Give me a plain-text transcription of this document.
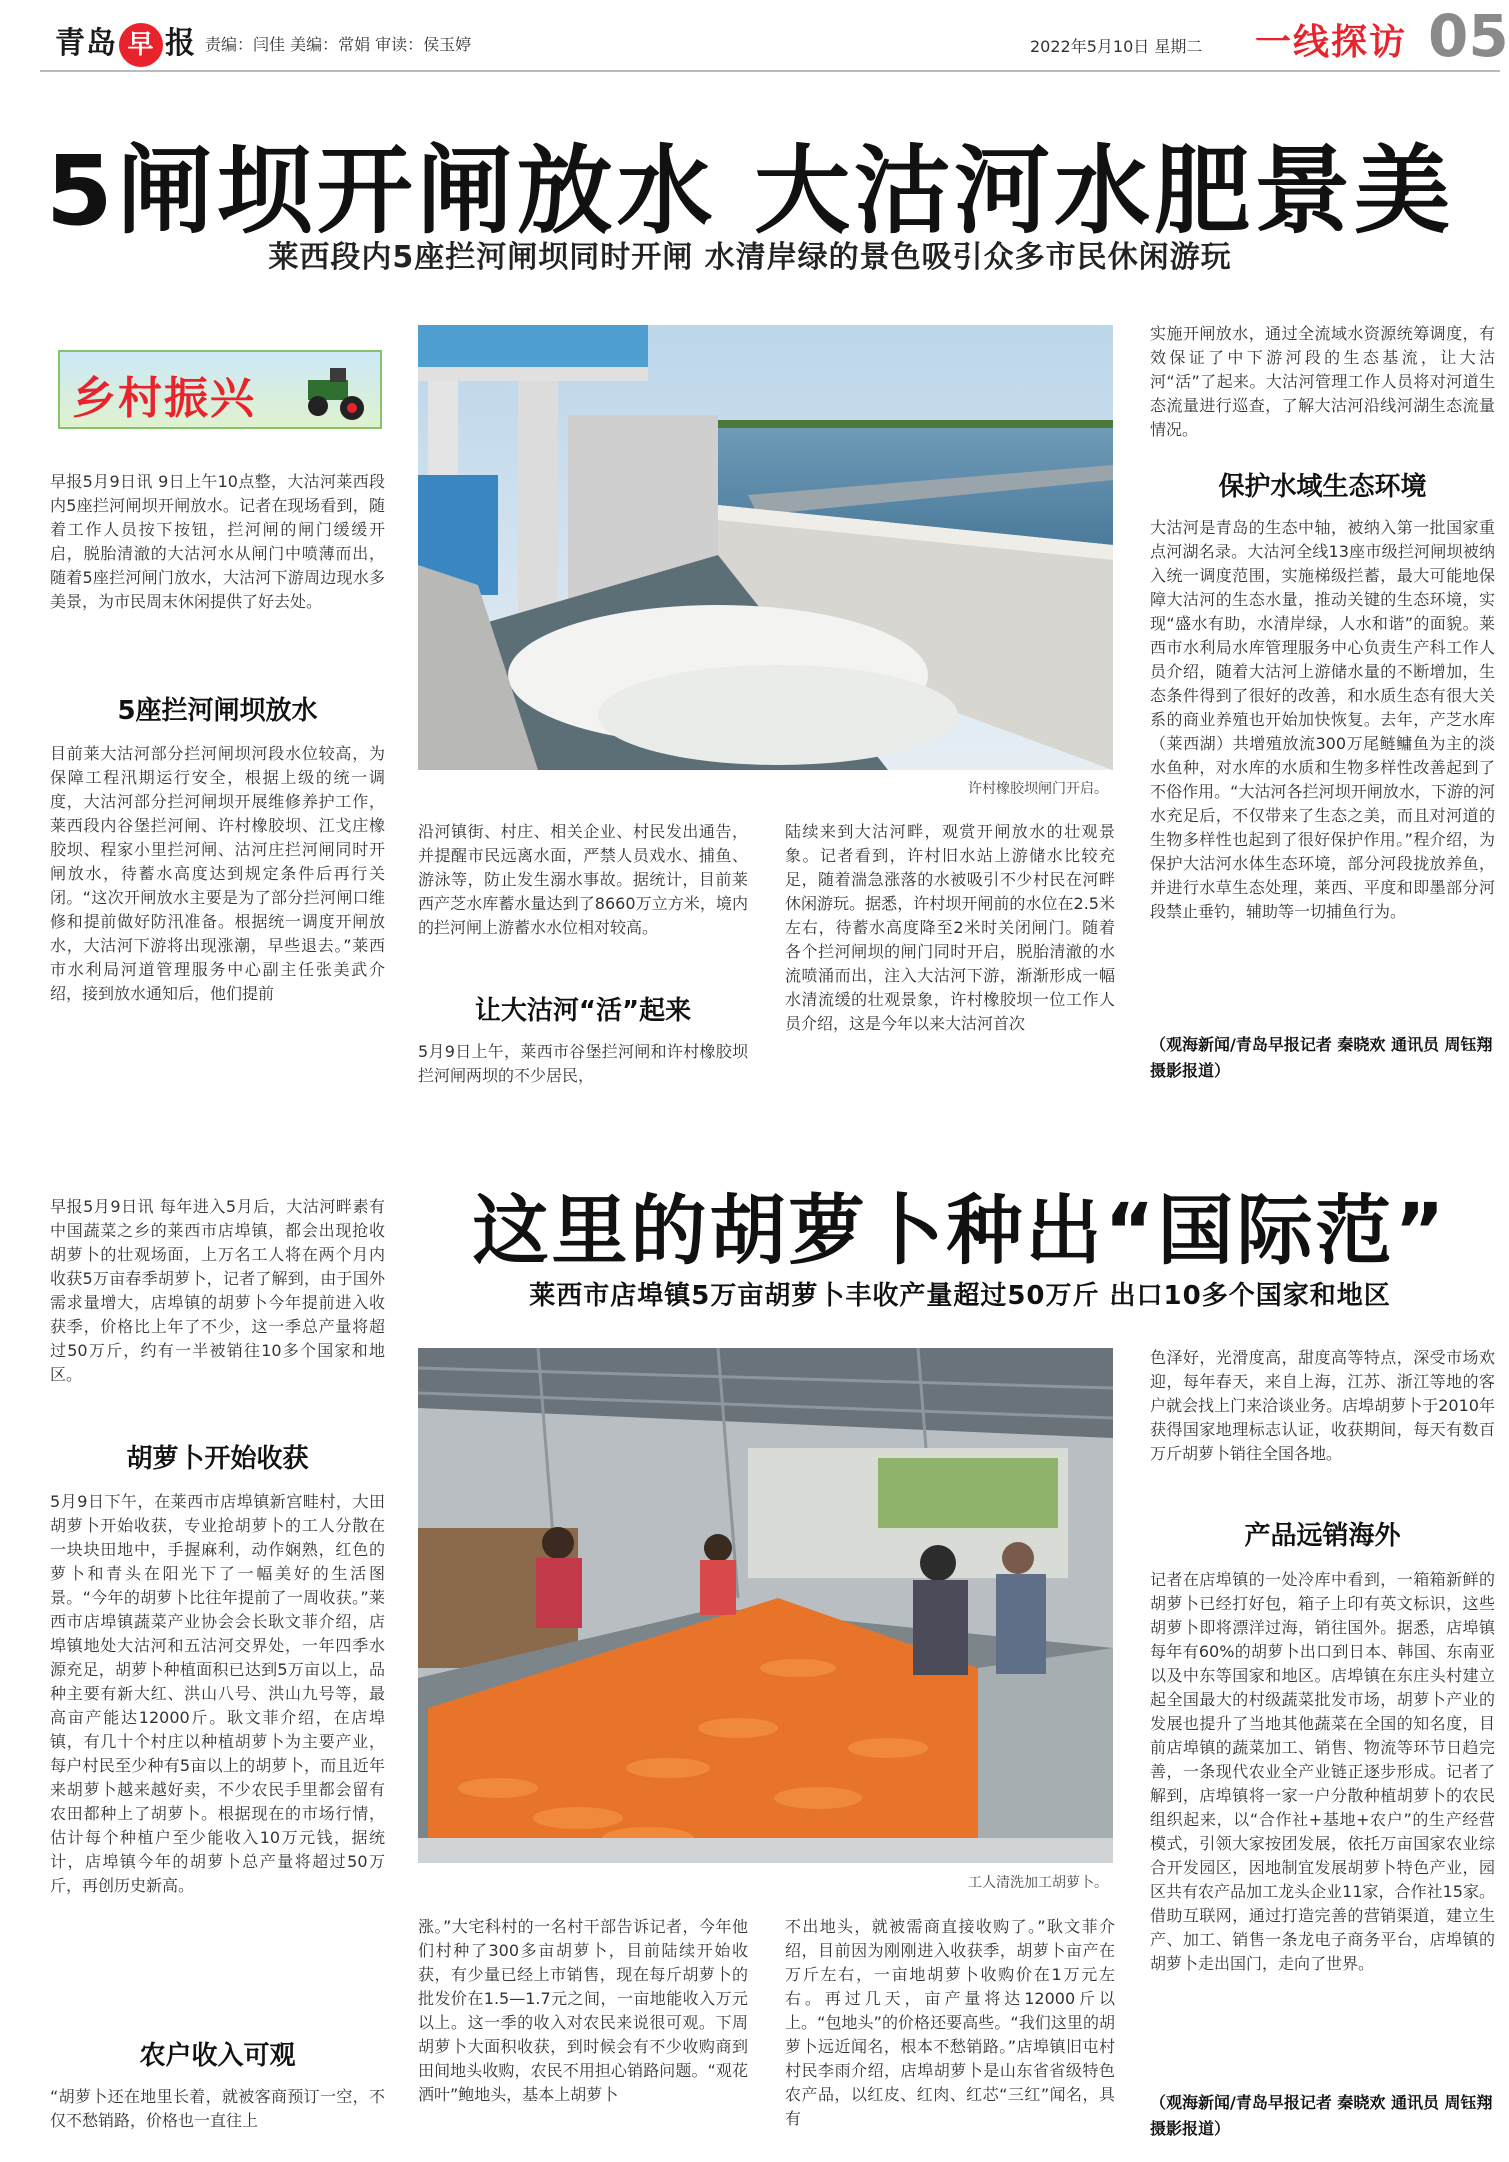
青岛 早 报 责编：闫佳 美编：常娟 审读：侯玉婷	2022年5月10日 星期二 一线探访 05
5闸坝开闸放水 大沽河水肥景美
莱西段内5座拦河闸坝同时开闸 水清岸绿的景色吸引众多市民休闲游玩
乡村振兴
早报5月9日讯 9日上午10点整，大沽河莱西段内5座拦河闸坝开闸放水。记者在现场看到，随着工作人员按下按钮，拦河闸的闸门缓缓开启，脱胎清澈的大沽河水从闸门中喷薄而出，随着5座拦河闸门放水，大沽河下游周边现水多美景，为市民周末休闲提供了好去处。
5座拦河闸坝放水
目前莱大沽河部分拦河闸坝河段水位较高，为保障工程汛期运行安全，根据上级的统一调度，大沽河部分拦河闸坝开展维修养护工作，莱西段内谷堡拦河闸、许村橡胶坝、江戈庄橡胶坝、程家小里拦河闸、沽河庄拦河闸同时开闸放水，待蓄水高度达到规定条件后再行关闭。“这次开闸放水主要是为了部分拦河闸口维修和提前做好防汛准备。根据统一调度开闸放水，大沽河下游将出现涨潮，早些退去。”莱西市水利局河道管理服务中心副主任张美武介绍，接到放水通知后，他们提前
许村橡胶坝闸门开启。
沿河镇街、村庄、相关企业、村民发出通告，并提醒市民远离水面，严禁人员戏水、捕鱼、游泳等，防止发生溺水事故。据统计，目前莱西产芝水库蓄水量达到了8660万立方米，境内的拦河闸上游蓄水水位相对较高。
让大沽河“活”起来
5月9日上午，莱西市谷堡拦河闸和许村橡胶坝拦河闸两坝的不少居民，
陆续来到大沽河畔，观赏开闸放水的壮观景象。记者看到，许村旧水站上游储水比较充足，随着湍急涨落的水被吸引不少村民在河畔休闲游玩。据悉，许村坝开闸前的水位在2.5米左右，待蓄水高度降至2米时关闭闸门。随着各个拦河闸坝的闸门同时开启，脱胎清澈的水流喷涌而出，注入大沽河下游，渐渐形成一幅水清流缓的壮观景象，许村橡胶坝一位工作人员介绍，这是今年以来大沽河首次
实施开闸放水，通过全流域水资源统筹调度，有效保证了中下游河段的生态基流，让大沽河“活”了起来。大沽河管理工作人员将对河道生态流量进行巡查，了解大沽河沿线河湖生态流量情况。
保护水域生态环境
大沽河是青岛的生态中轴，被纳入第一批国家重点河湖名录。大沽河全线13座市级拦河闸坝被纳入统一调度范围，实施梯级拦蓄，最大可能地保障大沽河的生态水量，推动关键的生态环境，实现“盛水有助，水清岸绿，人水和谐”的面貌。莱西市水利局水库管理服务中心负责生产科工作人员介绍，随着大沽河上游储水量的不断增加，生态条件得到了很好的改善，和水质生态有很大关系的商业养殖也开始加快恢复。去年，产芝水库（莱西湖）共增殖放流300万尾鲢鳙鱼为主的淡水鱼种，对水库的水质和生物多样性改善起到了不俗作用。“大沽河各拦河坝开闸放水，下游的河水充足后，不仅带来了生态之美，而且对河道的生物多样性也起到了很好保护作用。”程介绍，为保护大沽河水体生态环境，部分河段拢放养鱼，并进行水草生态处理，莱西、平度和即墨部分河段禁止垂钓，辅助等一切捕鱼行为。
（观海新闻/青岛早报记者 秦晓欢 通讯员 周钰翔 摄影报道）
早报5月9日讯 每年进入5月后，大沽河畔素有中国蔬菜之乡的莱西市店埠镇，都会出现抢收胡萝卜的壮观场面，上万名工人将在两个月内收获5万亩春季胡萝卜，记者了解到，由于国外需求量增大，店埠镇的胡萝卜今年提前进入收获季，价格比上年了不少，这一季总产量将超过50万斤，约有一半被销往10多个国家和地区。
这里的胡萝卜种出“国际范”
莱西市店埠镇5万亩胡萝卜丰收产量超过50万斤 出口10多个国家和地区
胡萝卜开始收获
5月9日下午，在莱西市店埠镇新宫畦村，大田胡萝卜开始收获，专业抢胡萝卜的工人分散在一块块田地中，手握麻利，动作娴熟，红色的萝卜和青头在阳光下了一幅美好的生活图景。“今年的胡萝卜比往年提前了一周收获。”莱西市店埠镇蔬菜产业协会会长耿文菲介绍，店埠镇地处大沽河和五沽河交界处，一年四季水源充足，胡萝卜种植面积已达到5万亩以上，品种主要有新大红、洪山八号、洪山九号等，最高亩产能达12000斤。耿文菲介绍，在店埠镇，有几十个村庄以种植胡萝卜为主要产业，每户村民至少种有5亩以上的胡萝卜，而且近年来胡萝卜越来越好卖，不少农民手里都会留有农田都种上了胡萝卜。根据现在的市场行情，估计每个种植户至少能收入10万元钱，据统计，店埠镇今年的胡萝卜总产量将超过50万斤，再创历史新高。
农户收入可观
“胡萝卜还在地里长着，就被客商预订一空，不仅不愁销路，价格也一直往上
工人清洗加工胡萝卜。
涨。”大宅科村的一名村干部告诉记者，今年他们村种了300多亩胡萝卜，目前陆续开始收获，有少量已经上市销售，现在每斤胡萝卜的批发价在1.5—1.7元之间，一亩地能收入万元以上。这一季的收入对农民来说很可观。下周胡萝卜大面积收获，到时候会有不少收购商到田间地头收购，农民不用担心销路问题。“观花洒叶”鲍地头，基本上胡萝卜
不出地头，就被需商直接收购了。”耿文菲介绍，目前因为刚刚进入收获季，胡萝卜亩产在万斤左右，一亩地胡萝卜收购价在1万元左右。再过几天，亩产量将达12000斤以上。“包地头”的价格还要高些。“我们这里的胡萝卜远近闻名，根本不愁销路。”店埠镇旧屯村村民李雨介绍，店埠胡萝卜是山东省省级特色农产品，以红皮、红肉、红芯“三红”闻名，具有
色泽好，光滑度高，甜度高等特点，深受市场欢迎，每年春天，来自上海，江苏、浙江等地的客户就会找上门来洽谈业务。店埠胡萝卜于2010年获得国家地理标志认证，收获期间，每天有数百万斤胡萝卜销往全国各地。
产品远销海外
记者在店埠镇的一处冷库中看到，一箱箱新鲜的胡萝卜已经打好包，箱子上印有英文标识，这些胡萝卜即将漂洋过海，销往国外。据悉，店埠镇每年有60%的胡萝卜出口到日本、韩国、东南亚以及中东等国家和地区。店埠镇在东庄头村建立起全国最大的村级蔬菜批发市场，胡萝卜产业的发展也提升了当地其他蔬菜在全国的知名度，目前店埠镇的蔬菜加工、销售、物流等环节日趋完善，一条现代农业全产业链正逐步形成。记者了解到，店埠镇将一家一户分散种植胡萝卜的农民组织起来，以“合作社+基地+农户”的生产经营模式，引领大家按团发展，依托万亩国家农业综合开发园区，因地制宜发展胡萝卜特色产业，园区共有农产品加工龙头企业11家，合作社15家。借助互联网，通过打造完善的营销渠道，建立生产、加工、销售一条龙电子商务平台，店埠镇的胡萝卜走出国门，走向了世界。
（观海新闻/青岛早报记者 秦晓欢 通讯员 周钰翔 摄影报道）
